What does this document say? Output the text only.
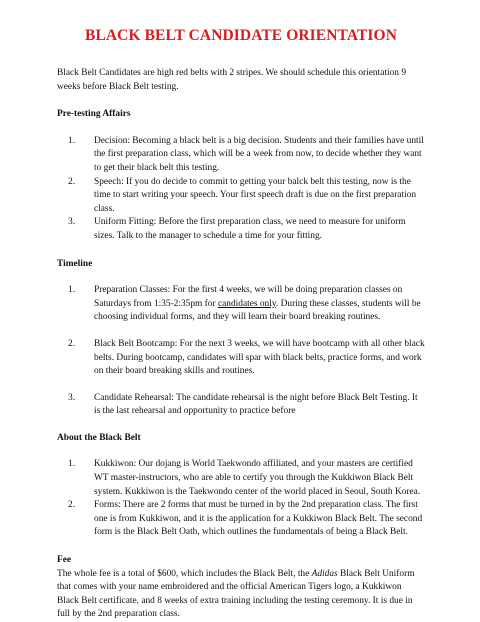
BLACK BELT CANDIDATE ORIENTATION

Black Belt Candidates are high red belts with 2 stripes. We should schedule this orientation 9 weeks before Black Belt testing.

Pre-testing Affairs

1. Decision: Becoming a black belt is a big decision. Students and their families have until the first preparation class, which will be a week from now, to decide whether they want to get their black belt this testing.
2. Speech: If you do decide to commit to getting your balck belt this testing, now is the time to start writing your speech. Your first speech draft is due on the first preparation class.
3. Uniform Fitting: Before the first preparation class, we need to measure for uniform sizes. Talk to the manager to schedule a time for your fitting.

Timeline

1. Preparation Classes: For the first 4 weeks, we will be doing preparation classes on Saturdays from 1:35-2:35pm for candidates only. During these classes, students will be choosing individual forms, and they will learn their board breaking routines.
2. Black Belt Bootcamp: For the next 3 weeks, we will have bootcamp with all other black belts. During bootcamp, candidates will spar with black belts, practice forms, and work on their board breaking skills and routines.
3. Candidate Rehearsal: The candidate rehearsal is the night before Black Belt Testing. It is the last rehearsal and opportunity to practice before

About the Black Belt

1. Kukkiwon: Our dojang is World Taekwondo affiliated, and your masters are certified WT master-instructors, who are able to certify you through the Kukkiwon Black Belt system. Kukkiwon is the Taekwondo center of the world placed in Seoul, South Korea.
2. Forms: There are 2 forms that must be turned in by the 2nd preparation class. The first one is from Kukkiwon, and it is the application for a Kukkiwon Black Belt. The second form is the Black Belt Oath, which outlines the fundamentals of being a Black Belt.

Fee

The whole fee is a total of $600, which includes the Black Belt, the Adidas Black Belt Uniform that comes with your name embroidered and the official American Tigers logo, a Kukkiwon Black Belt certificate, and 8 weeks of extra training including the testing ceremony. It is due in full by the 2nd preparation class.
